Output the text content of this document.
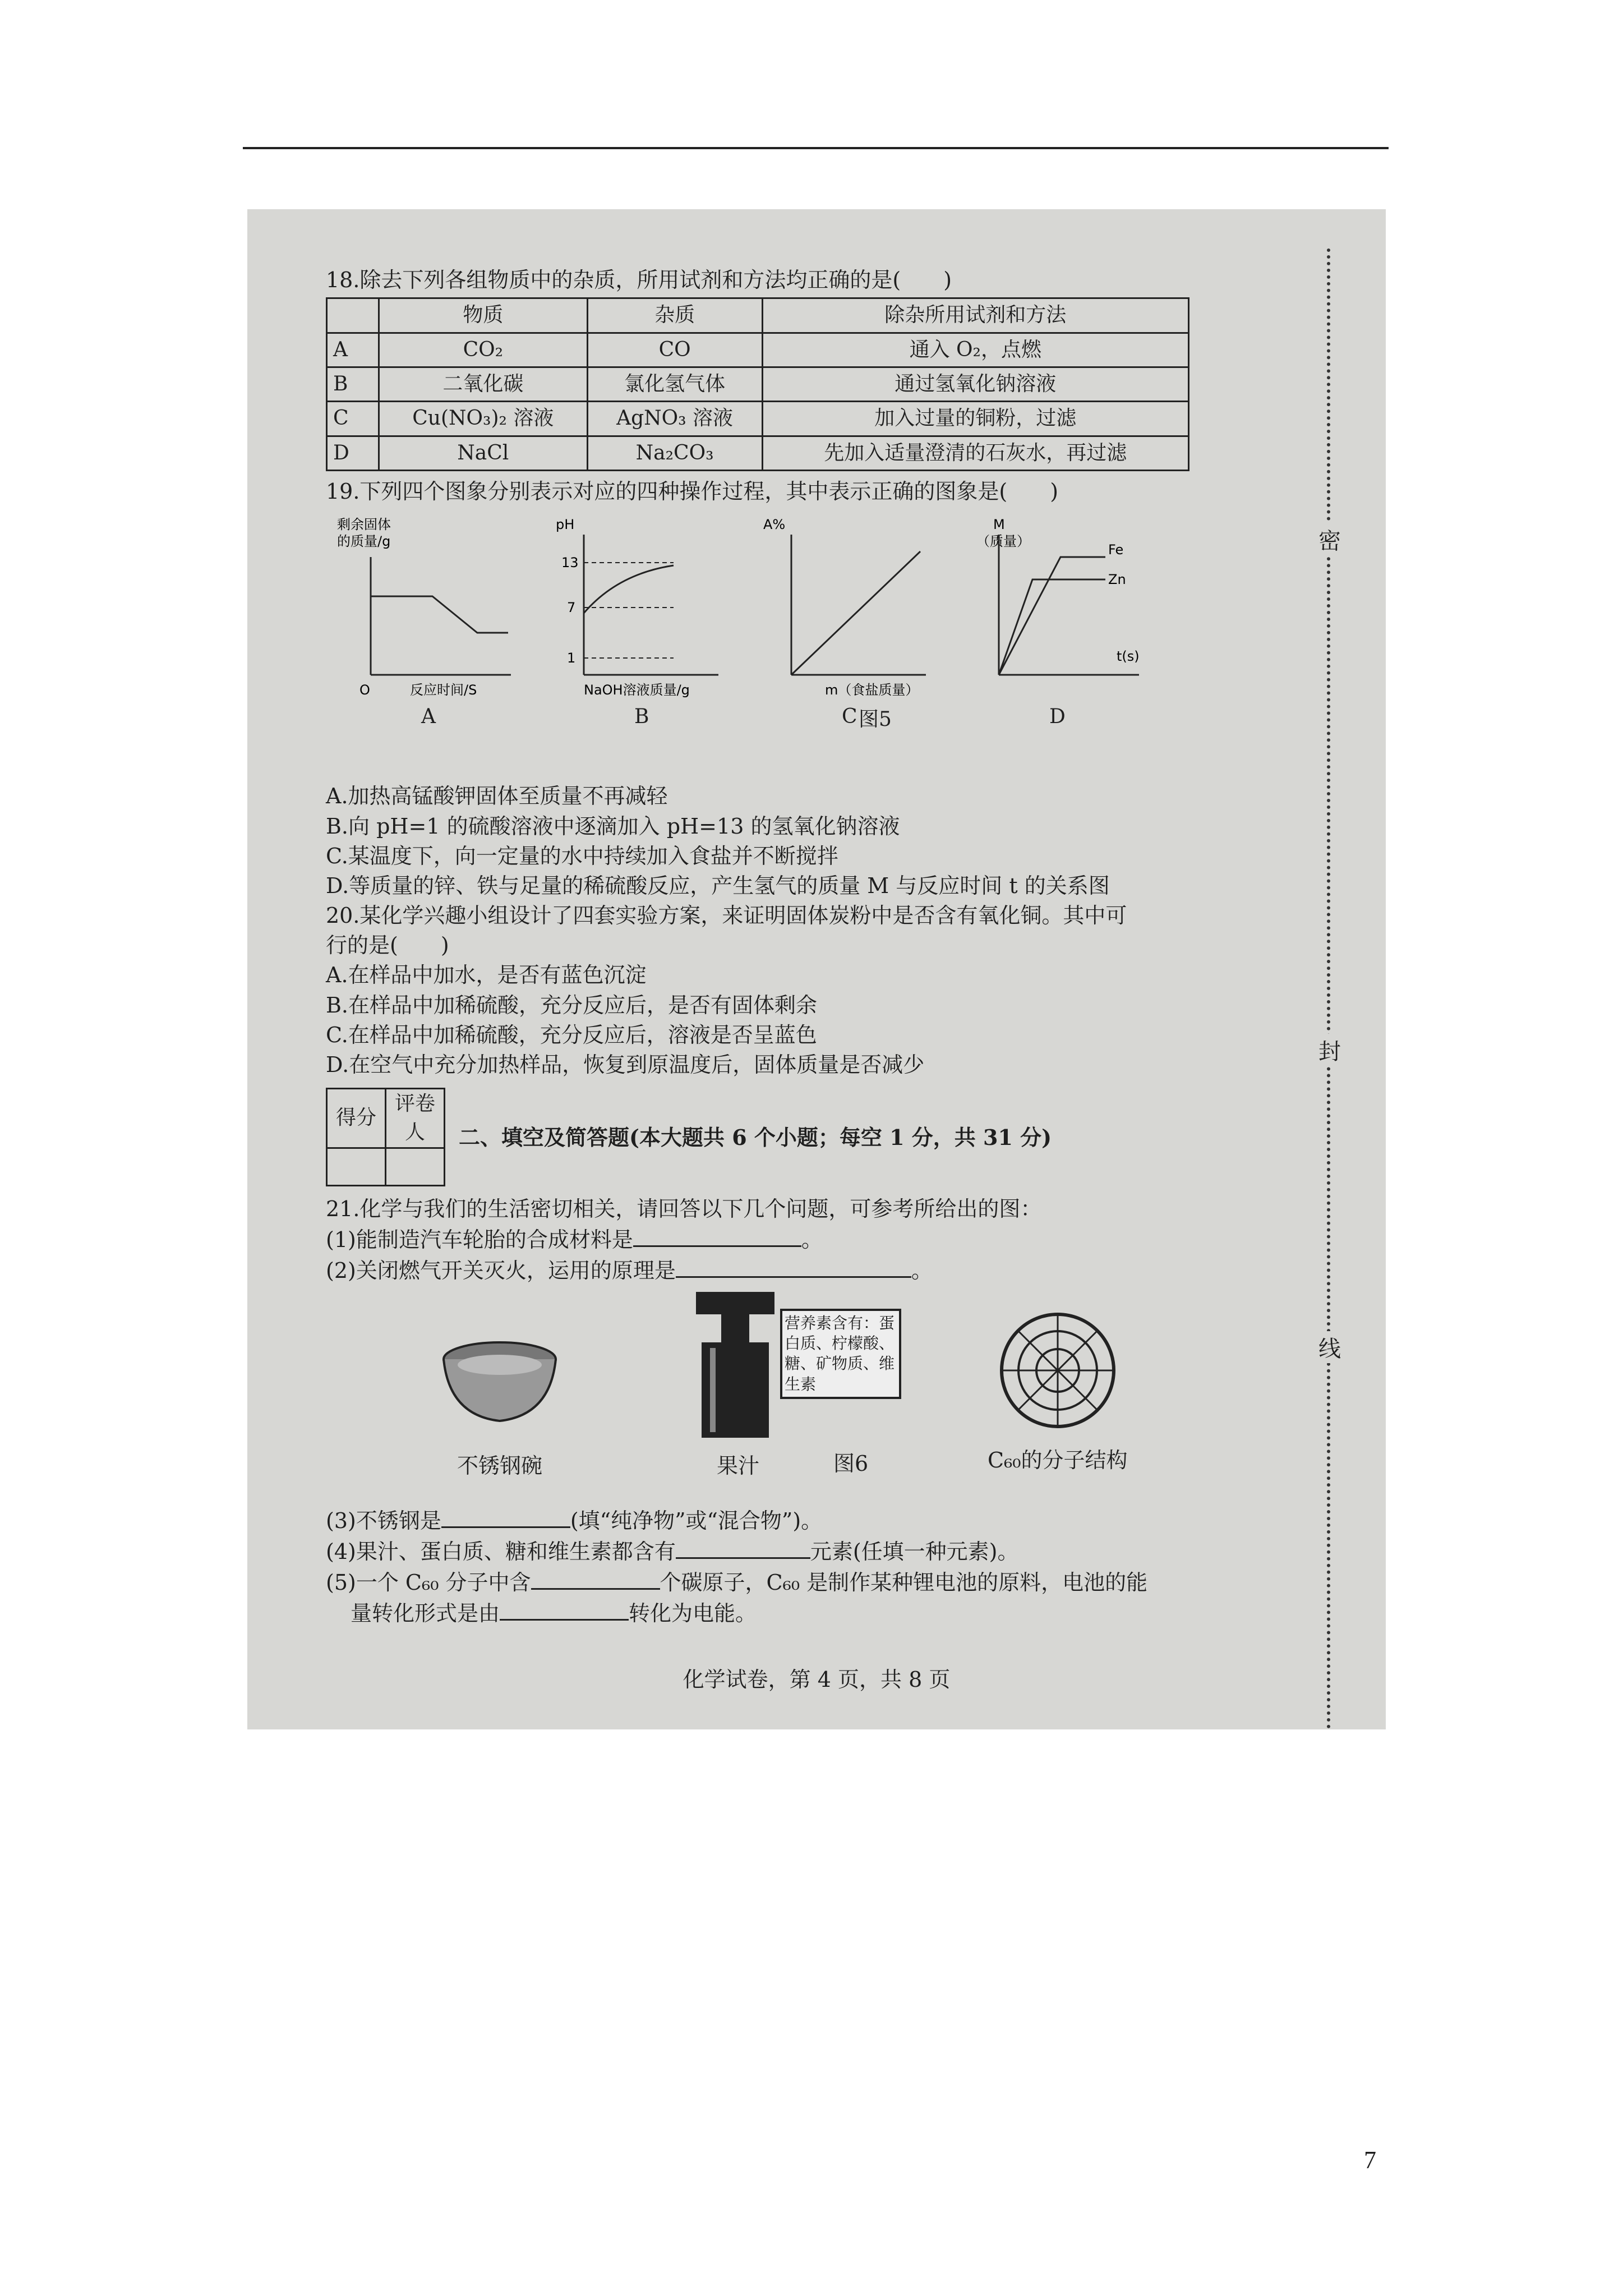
密
封
线

18.除去下列各组物质中的杂质，所用试剂和方法均正确的是(　　)

	物质	杂质	除杂所用试剂和方法
A	CO₂	CO	通入 O₂，点燃
B	二氧化碳	氯化氢气体	通过氢氧化钠溶液
C	Cu(NO₃)₂ 溶液	AgNO₃ 溶液	加入过量的铜粉，过滤
D	NaCl	Na₂CO₃	先加入适量澄清的石灰水，再过滤

19.下列四个图象分别表示对应的四种操作过程，其中表示正确的图象是(　　)

剩余固体
的质量/g
O	反应时间/S
A
pH
13
7
1
NaOH溶液质量/g
B
A%
m（食盐质量）
C
M
（质量）
Fe
Zn
t(s)
D
图5
A.加热高锰酸钾固体至质量不再减轻
B.向 pH=1 的硫酸溶液中逐滴加入 pH=13 的氢氧化钠溶液
C.某温度下，向一定量的水中持续加入食盐并不断搅拌
D.等质量的锌、铁与足量的稀硫酸反应，产生氢气的质量 M 与反应时间 t 的关系图

20.某化学兴趣小组设计了四套实验方案，来证明固体炭粉中是否含有氧化铜。其中可

行的是(　　)

A.在样品中加水，是否有蓝色沉淀
B.在样品中加稀硫酸，充分反应后，是否有固体剩余
C.在样品中加稀硫酸，充分反应后，溶液是否呈蓝色
D.在空气中充分加热样品，恢复到原温度后，固体质量是否减少
得分	评卷人
	二、填空及简答题(本大题共 6 个小题；每空 1 分，共 31 分)

21.化学与我们的生活密切相关，请回答以下几个问题，可参考所给出的图：

(1)能制造汽车轮胎的合成材料是	。

(2)关闭燃气开关灭火，运用的原理是	。

不锈钢碗	果汁
营养素含有：蛋白质、柠檬酸、糖、矿物质、维生素
图6	C₆₀的分子结构

(3)不锈钢是	(填“纯净物”或“混合物”)。

(4)果汁、蛋白质、糖和维生素都含有	元素(任填一种元素)。

(5)一个 C₆₀ 分子中含	个碳原子，C₆₀ 是制作某种锂电池的原料，电池的能

量转化形式是由	转化为电能。

化学试卷，第 4 页，共 8 页
7
